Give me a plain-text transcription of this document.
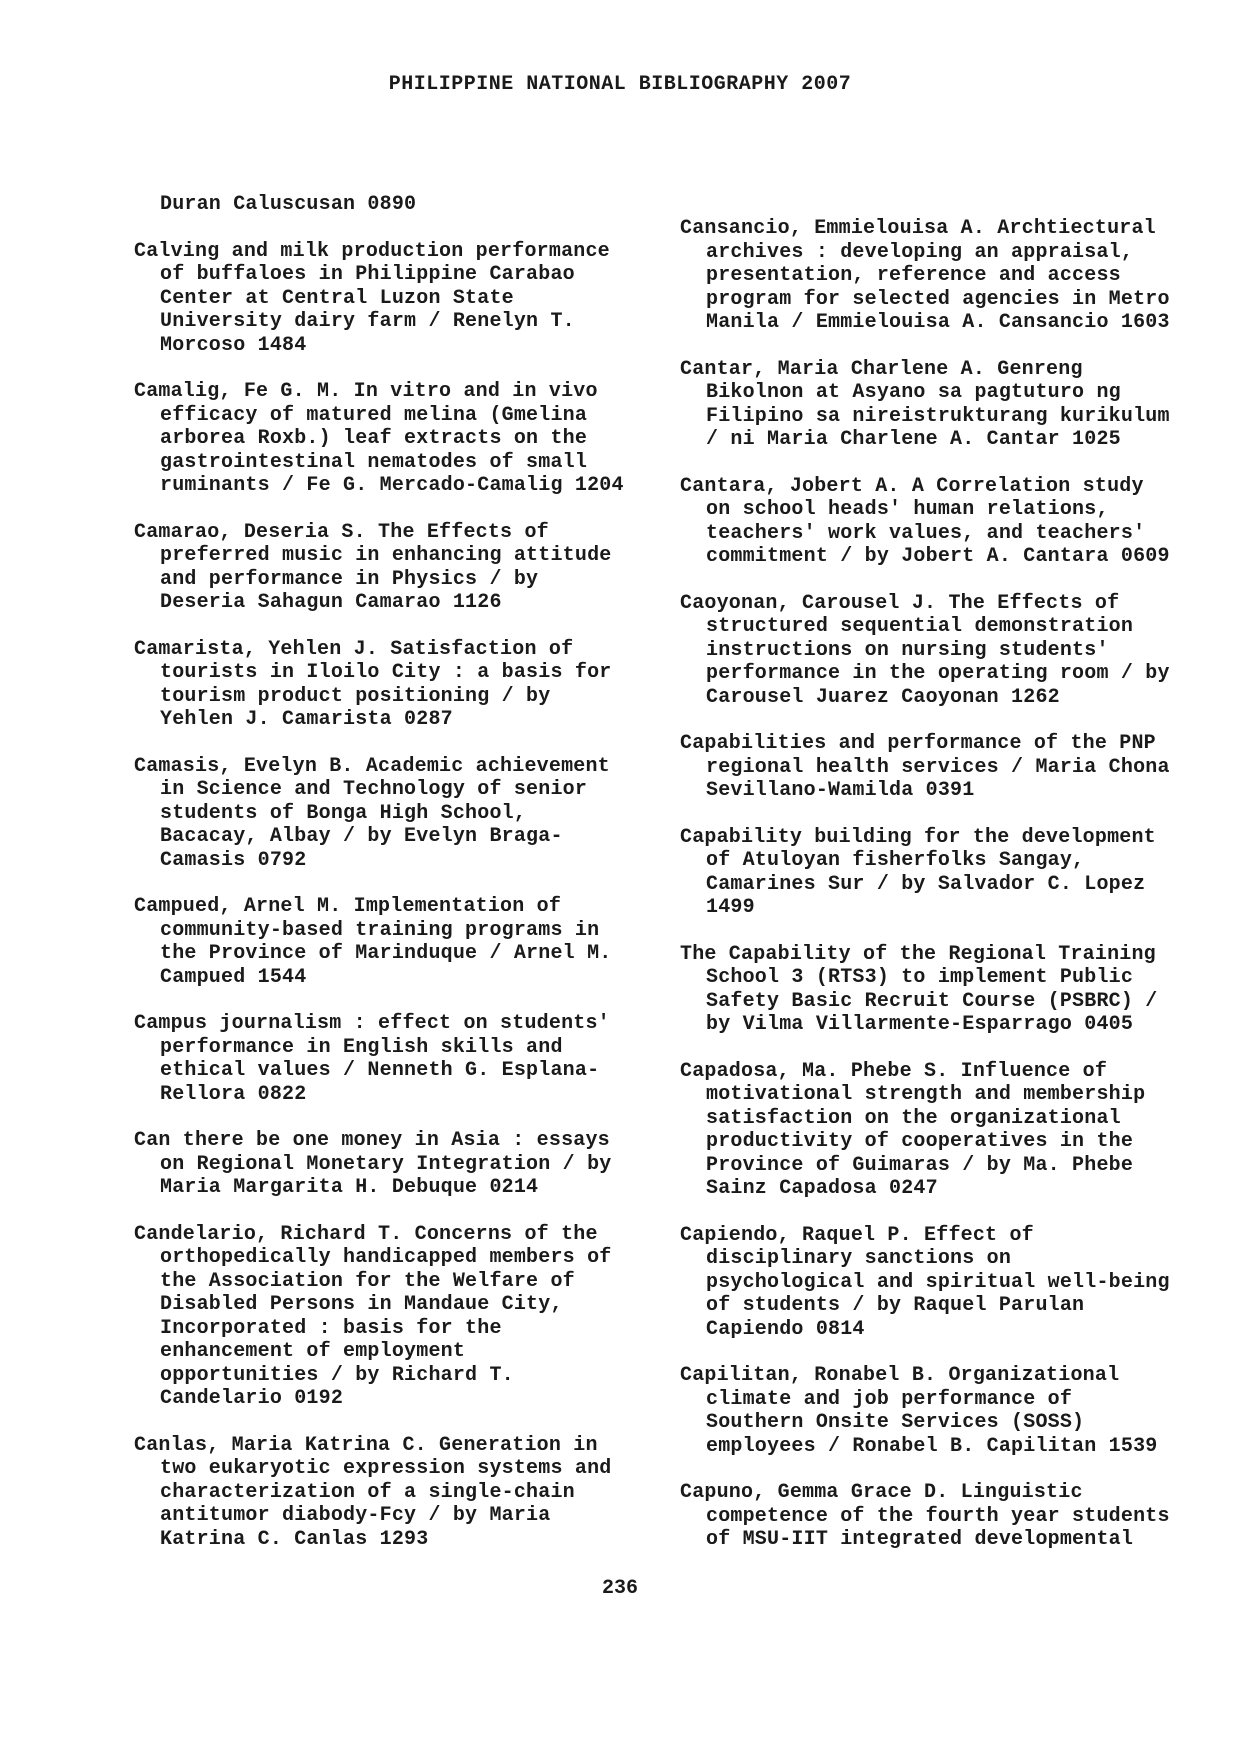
PHILIPPINE NATIONAL BIBLIOGRAPHY 2007

Duran Caluscusan 0890

Calving and milk production performance
of buffaloes in Philippine Carabao
Center at Central Luzon State
University dairy farm / Renelyn T.
Morcoso 1484

Camalig, Fe G. M. In vitro and in vivo
efficacy of matured melina (Gmelina
arborea Roxb.) leaf extracts on the
gastrointestinal nematodes of small
ruminants / Fe G. Mercado-Camalig 1204

Camarao, Deseria S. The Effects of
preferred music in enhancing attitude
and performance in Physics / by
Deseria Sahagun Camarao 1126

Camarista, Yehlen J. Satisfaction of
tourists in Iloilo City : a basis for
tourism product positioning / by
Yehlen J. Camarista 0287

Camasis, Evelyn B. Academic achievement
in Science and Technology of senior
students of Bonga High School,
Bacacay, Albay / by Evelyn Braga-
Camasis 0792

Campued, Arnel M. Implementation of
community-based training programs in
the Province of Marinduque / Arnel M.
Campued 1544

Campus journalism : effect on students'
performance in English skills and
ethical values / Nenneth G. Esplana-
Rellora 0822

Can there be one money in Asia : essays
on Regional Monetary Integration / by
Maria Margarita H. Debuque 0214

Candelario, Richard T. Concerns of the
orthopedically handicapped members of
the Association for the Welfare of
Disabled Persons in Mandaue City,
Incorporated : basis for the
enhancement of employment
opportunities / by Richard T.
Candelario 0192

Canlas, Maria Katrina C. Generation in
two eukaryotic expression systems and
characterization of a single-chain
antitumor diabody-Fcy / by Maria
Katrina C. Canlas 1293

Cansancio, Emmielouisa A. Archtiectural
archives : developing an appraisal,
presentation, reference and access
program for selected agencies in Metro
Manila / Emmielouisa A. Cansancio 1603

Cantar, Maria Charlene A. Genreng
Bikolnon at Asyano sa pagtuturo ng
Filipino sa nireistrukturang kurikulum
/ ni Maria Charlene A. Cantar 1025

Cantara, Jobert A. A Correlation study
on school heads' human relations,
teachers' work values, and teachers'
commitment / by Jobert A. Cantara 0609

Caoyonan, Carousel J. The Effects of
structured sequential demonstration
instructions on nursing students'
performance in the operating room / by
Carousel Juarez Caoyonan 1262

Capabilities and performance of the PNP
regional health services / Maria Chona
Sevillano-Wamilda 0391

Capability building for the development
of Atuloyan fisherfolks Sangay,
Camarines Sur / by Salvador C. Lopez
1499

The Capability of the Regional Training
School 3 (RTS3) to implement Public
Safety Basic Recruit Course (PSBRC) /
by Vilma Villarmente-Esparrago 0405

Capadosa, Ma. Phebe S. Influence of
motivational strength and membership
satisfaction on the organizational
productivity of cooperatives in the
Province of Guimaras / by Ma. Phebe
Sainz Capadosa 0247

Capiendo, Raquel P. Effect of
disciplinary sanctions on
psychological and spiritual well-being
of students / by Raquel Parulan
Capiendo 0814

Capilitan, Ronabel B. Organizational
climate and job performance of
Southern Onsite Services (SOSS)
employees / Ronabel B. Capilitan 1539

Capuno, Gemma Grace D. Linguistic
competence of the fourth year students
of MSU-IIT integrated developmental

236
